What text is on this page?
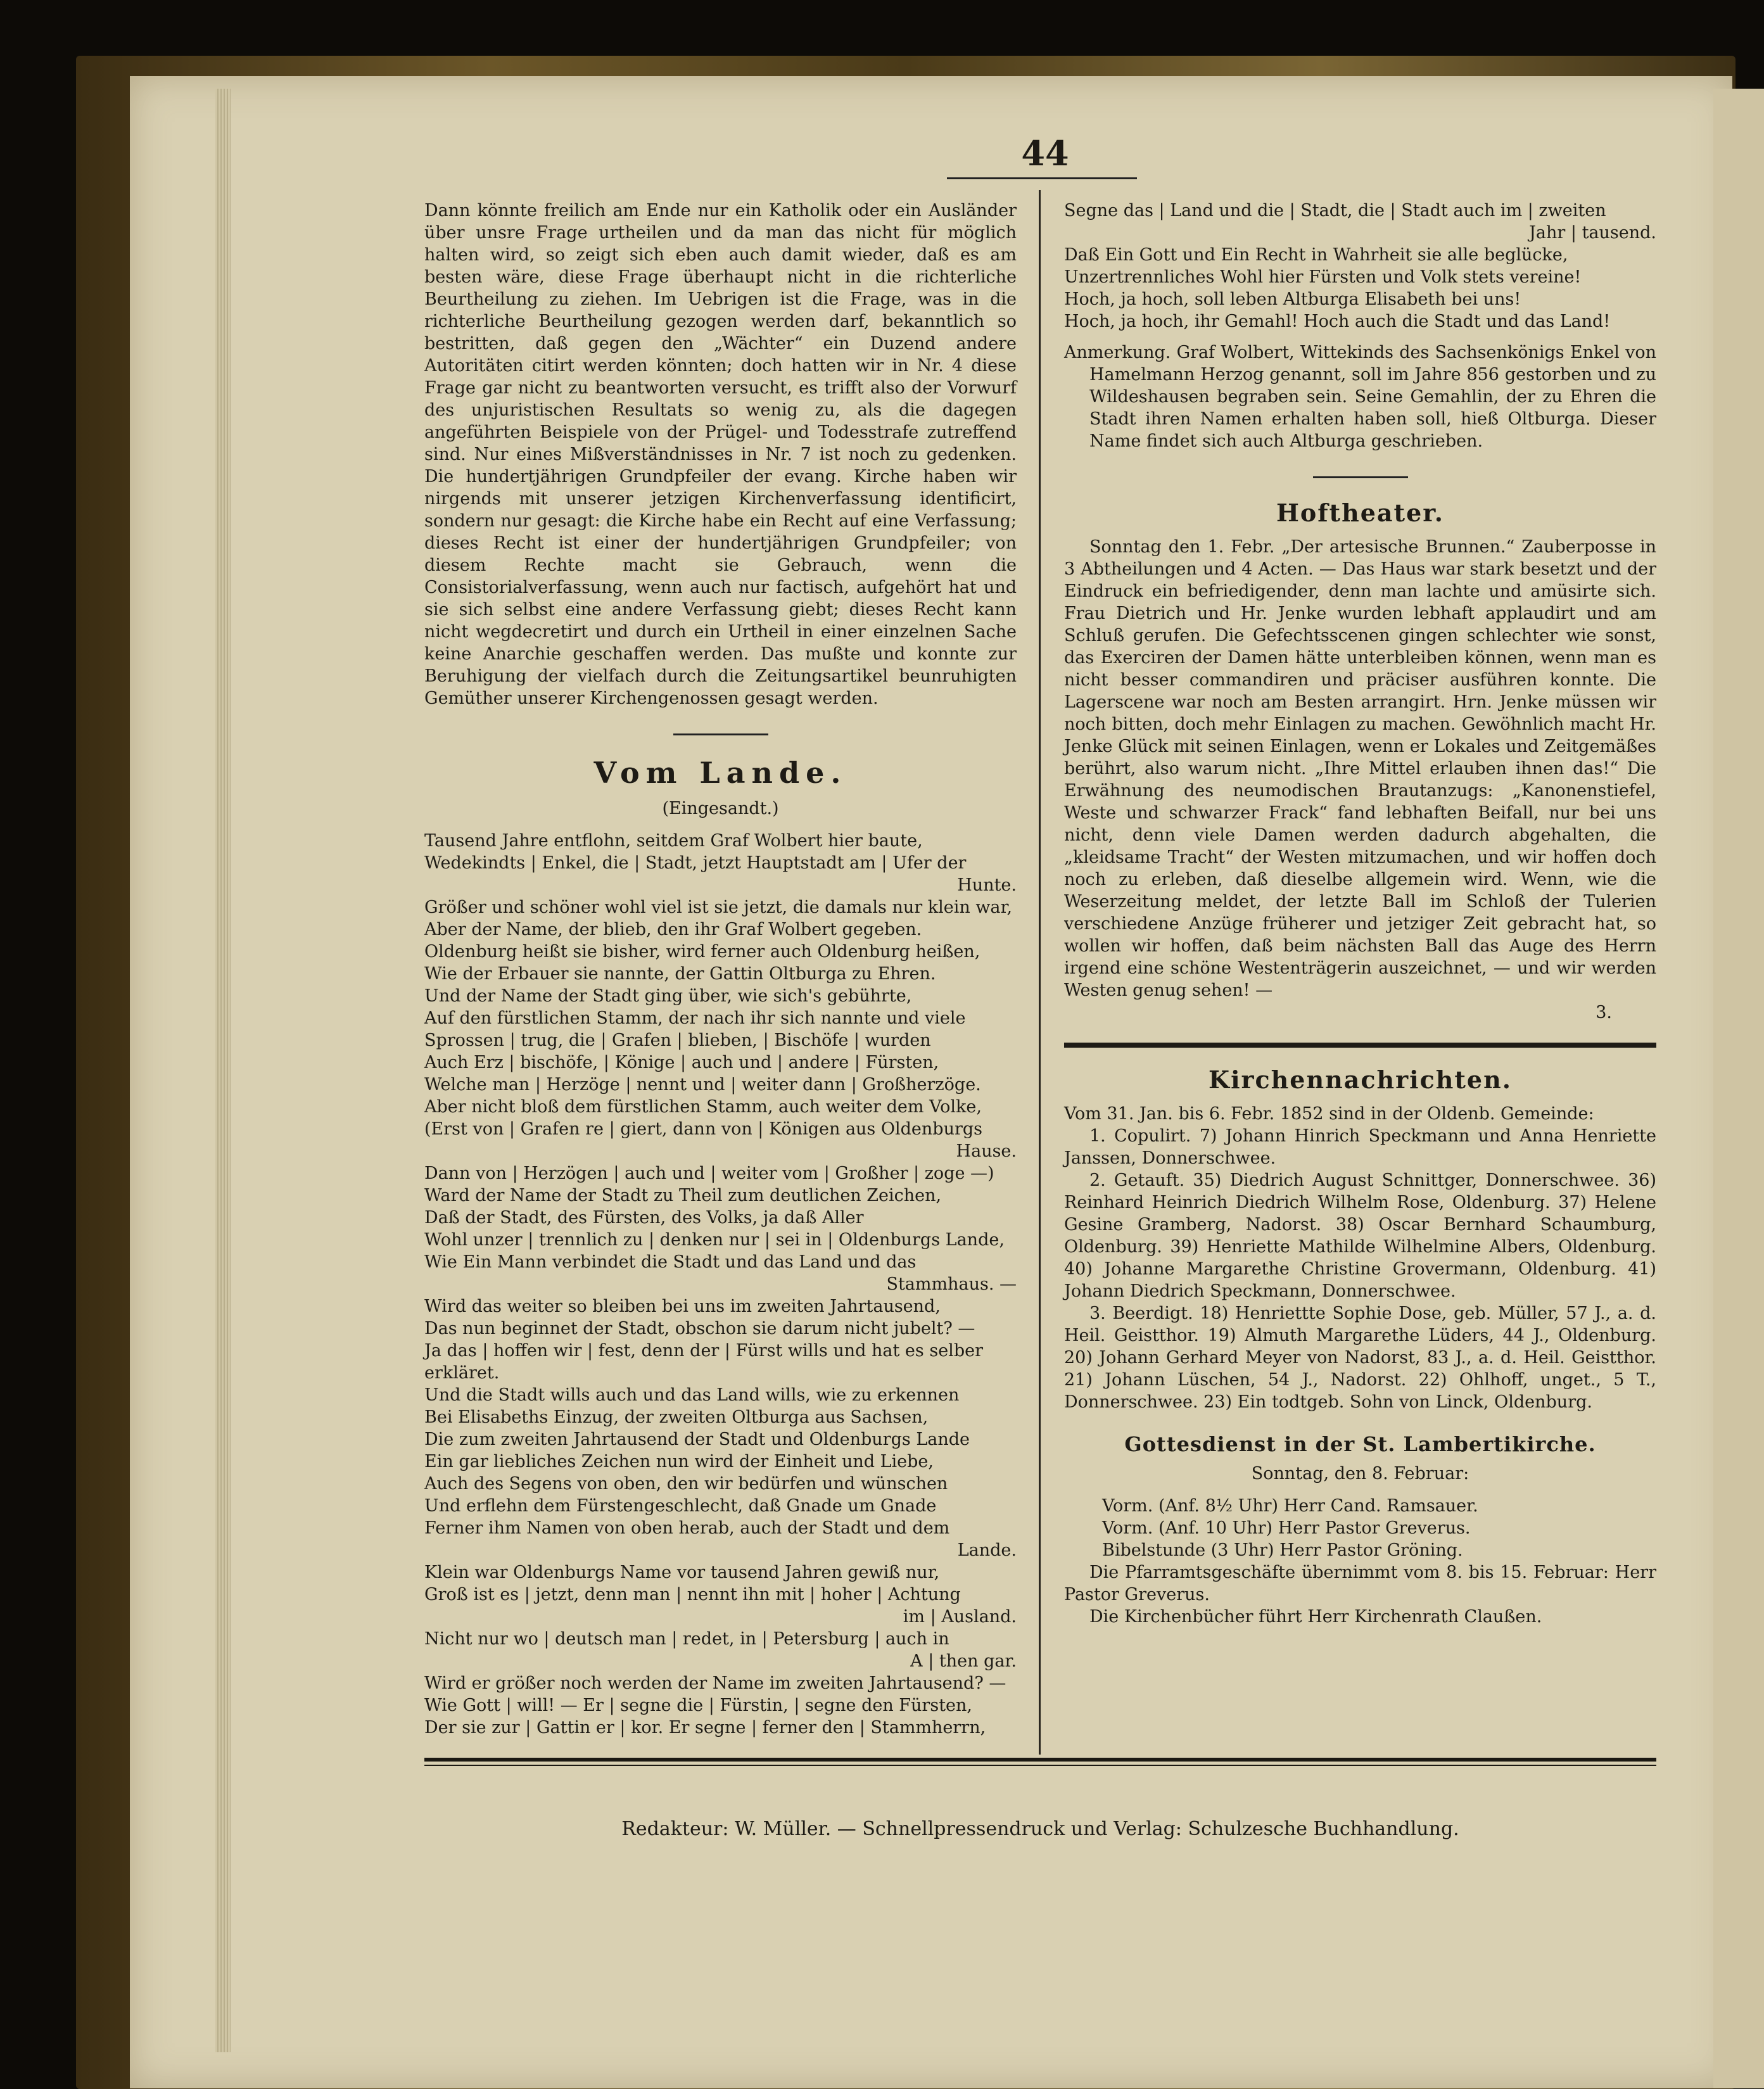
44

Dann könnte freilich am Ende nur ein Katholik oder ein Ausländer über unsre Frage urtheilen und da man das nicht für möglich halten wird, so zeigt sich eben auch damit wieder, daß es am besten wäre, diese Frage überhaupt nicht in die richterliche Beurtheilung zu ziehen. Im Uebrigen ist die Frage, was in die richterliche Beurtheilung gezogen werden darf, bekanntlich so bestritten, daß gegen den „Wächter“ ein Duzend andere Autoritäten citirt werden könnten; doch hatten wir in Nr. 4 diese Frage gar nicht zu beantworten versucht, es trifft also der Vorwurf des unjuristischen Resultats so wenig zu, als die dagegen angeführten Beispiele von der Prügel- und Todesstrafe zutreffend sind. Nur eines Mißverständnisses in Nr. 7 ist noch zu gedenken. Die hundertjährigen Grundpfeiler der evang. Kirche haben wir nirgends mit unserer jetzigen Kirchenverfassung identificirt, sondern nur gesagt: die Kirche habe ein Recht auf eine Verfassung; dieses Recht ist einer der hundertjährigen Grundpfeiler; von diesem Rechte macht sie Gebrauch, wenn die Consistorialverfassung, wenn auch nur factisch, aufgehört hat und sie sich selbst eine andere Verfassung giebt; dieses Recht kann nicht wegdecretirt und durch ein Urtheil in einer einzelnen Sache keine Anarchie geschaffen werden. Das mußte und konnte zur Beruhigung der vielfach durch die Zeitungsartikel beunruhigten Gemüther unserer Kirchengenossen gesagt werden.

Vom Lande.
(Eingesandt.)

Tausend Jahre entflohn, seitdem Graf Wolbert hier baute,

Wedekindts | Enkel, die | Stadt, jetzt Hauptstadt am | Ufer der
Hunte.

Größer und schöner wohl viel ist sie jetzt, die damals nur klein war,

Aber der Name, der blieb, den ihr Graf Wolbert gegeben.

Oldenburg heißt sie bisher, wird ferner auch Oldenburg heißen,

Wie der Erbauer sie nannte, der Gattin Oltburga zu Ehren.

Und der Name der Stadt ging über, wie sich's gebührte,

Auf den fürstlichen Stamm, der nach ihr sich nannte und viele

Sprossen | trug, die | Grafen | blieben, | Bischöfe | wurden

Auch Erz | bischöfe, | Könige | auch und | andere | Fürsten,

Welche man | Herzöge | nennt und | weiter dann | Großherzöge.

Aber nicht bloß dem fürstlichen Stamm, auch weiter dem Volke,

(Erst von | Grafen re | giert, dann von | Königen aus Oldenburgs
Hause.

Dann von | Herzögen | auch und | weiter vom | Großher | zoge —)

Ward der Name der Stadt zu Theil zum deutlichen Zeichen,

Daß der Stadt, des Fürsten, des Volks, ja daß Aller

Wohl unzer | trennlich zu | denken nur | sei in | Oldenburgs Lande,

Wie Ein Mann verbindet die Stadt und das Land und das
Stammhaus. —

Wird das weiter so bleiben bei uns im zweiten Jahrtausend,

Das nun beginnet der Stadt, obschon sie darum nicht jubelt? —

Ja das | hoffen wir | fest, denn der | Fürst wills und hat es selber erkläret.

Und die Stadt wills auch und das Land wills, wie zu erkennen

Bei Elisabeths Einzug, der zweiten Oltburga aus Sachsen,

Die zum zweiten Jahrtausend der Stadt und Oldenburgs Lande

Ein gar liebliches Zeichen nun wird der Einheit und Liebe,

Auch des Segens von oben, den wir bedürfen und wünschen

Und erflehn dem Fürstengeschlecht, daß Gnade um Gnade

Ferner ihm Namen von oben herab, auch der Stadt und dem
Lande.

Klein war Oldenburgs Name vor tausend Jahren gewiß nur,

Groß ist es | jetzt, denn man | nennt ihn mit | hoher | Achtung
im | Ausland.

Nicht nur wo | deutsch man | redet, in | Petersburg | auch in
A | then gar.

Wird er größer noch werden der Name im zweiten Jahrtausend? —

Wie Gott | will! — Er | segne die | Fürstin, | segne den Fürsten,

Der sie zur | Gattin er | kor. Er segne | ferner den | Stammherrn,

Segne das | Land und die | Stadt, die | Stadt auch im | zweiten
Jahr | tausend.

Daß Ein Gott und Ein Recht in Wahrheit sie alle beglücke,

Unzertrennliches Wohl hier Fürsten und Volk stets vereine!

Hoch, ja hoch, soll leben Altburga Elisabeth bei uns!

Hoch, ja hoch, ihr Gemahl! Hoch auch die Stadt und das Land!

Anmerkung. Graf Wolbert, Wittekinds des Sachsenkönigs Enkel von Hamelmann Herzog genannt, soll im Jahre 856 gestorben und zu Wildeshausen begraben sein. Seine Gemahlin, der zu Ehren die Stadt ihren Namen erhalten haben soll, hieß Oltburga. Dieser Name findet sich auch Altburga geschrieben.

Hoftheater.

Sonntag den 1. Febr. „Der artesische Brunnen.“ Zauberposse in 3 Abtheilungen und 4 Acten. — Das Haus war stark besetzt und der Eindruck ein befriedigender, denn man lachte und amüsirte sich. Frau Dietrich und Hr. Jenke wurden lebhaft applaudirt und am Schluß gerufen. Die Gefechtsscenen gingen schlechter wie sonst, das Exerciren der Damen hätte unterbleiben können, wenn man es nicht besser commandiren und präciser ausführen konnte. Die Lagerscene war noch am Besten arrangirt. Hrn. Jenke müssen wir noch bitten, doch mehr Einlagen zu machen. Gewöhnlich macht Hr. Jenke Glück mit seinen Einlagen, wenn er Lokales und Zeitgemäßes berührt, also warum nicht. „Ihre Mittel erlauben ihnen das!“ Die Erwähnung des neumodischen Brautanzugs: „Kanonenstiefel, Weste und schwarzer Frack“ fand lebhaften Beifall, nur bei uns nicht, denn viele Damen werden dadurch abgehalten, die „kleidsame Tracht“ der Westen mitzumachen, und wir hoffen doch noch zu erleben, daß dieselbe allgemein wird. Wenn, wie die Weserzeitung meldet, der letzte Ball im Schloß der Tulerien verschiedene Anzüge früherer und jetziger Zeit gebracht hat, so wollen wir hoffen, daß beim nächsten Ball das Auge des Herrn irgend eine schöne Westenträgerin auszeichnet, — und wir werden Westen genug sehen! —

3.
Kirchennachrichten.

Vom 31. Jan. bis 6. Febr. 1852 sind in der Oldenb. Gemeinde:

1. Copulirt. 7) Johann Hinrich Speckmann und Anna Henriette Janssen, Donnerschwee.

2. Getauft. 35) Diedrich August Schnittger, Donnerschwee. 36) Reinhard Heinrich Diedrich Wilhelm Rose, Oldenburg. 37) Helene Gesine Gramberg, Nadorst. 38) Oscar Bernhard Schaumburg, Oldenburg. 39) Henriette Mathilde Wilhelmine Albers, Oldenburg. 40) Johanne Margarethe Christine Grovermann, Oldenburg. 41) Johann Diedrich Speckmann, Donnerschwee.

3. Beerdigt. 18) Henriettte Sophie Dose, geb. Müller, 57 J., a. d. Heil. Geistthor. 19) Almuth Margarethe Lüders, 44 J., Oldenburg. 20) Johann Gerhard Meyer von Nadorst, 83 J., a. d. Heil. Geistthor. 21) Johann Lüschen, 54 J., Nadorst. 22) Ohlhoff, unget., 5 T., Donnerschwee. 23) Ein todtgeb. Sohn von Linck, Oldenburg.

Gottesdienst in der St. Lambertikirche.
Sonntag, den 8. Februar:

Vorm. (Anf. 8½ Uhr) Herr Cand. Ramsauer.

Vorm. (Anf. 10 Uhr) Herr Pastor Greverus.

Bibelstunde (3 Uhr) Herr Pastor Gröning.

Die Pfarramtsgeschäfte übernimmt vom 8. bis 15. Februar: Herr Pastor Greverus.

Die Kirchenbücher führt Herr Kirchenrath Claußen.

Redakteur: W. Müller. — Schnellpressendruck und Verlag: Schulzesche Buchhandlung.
